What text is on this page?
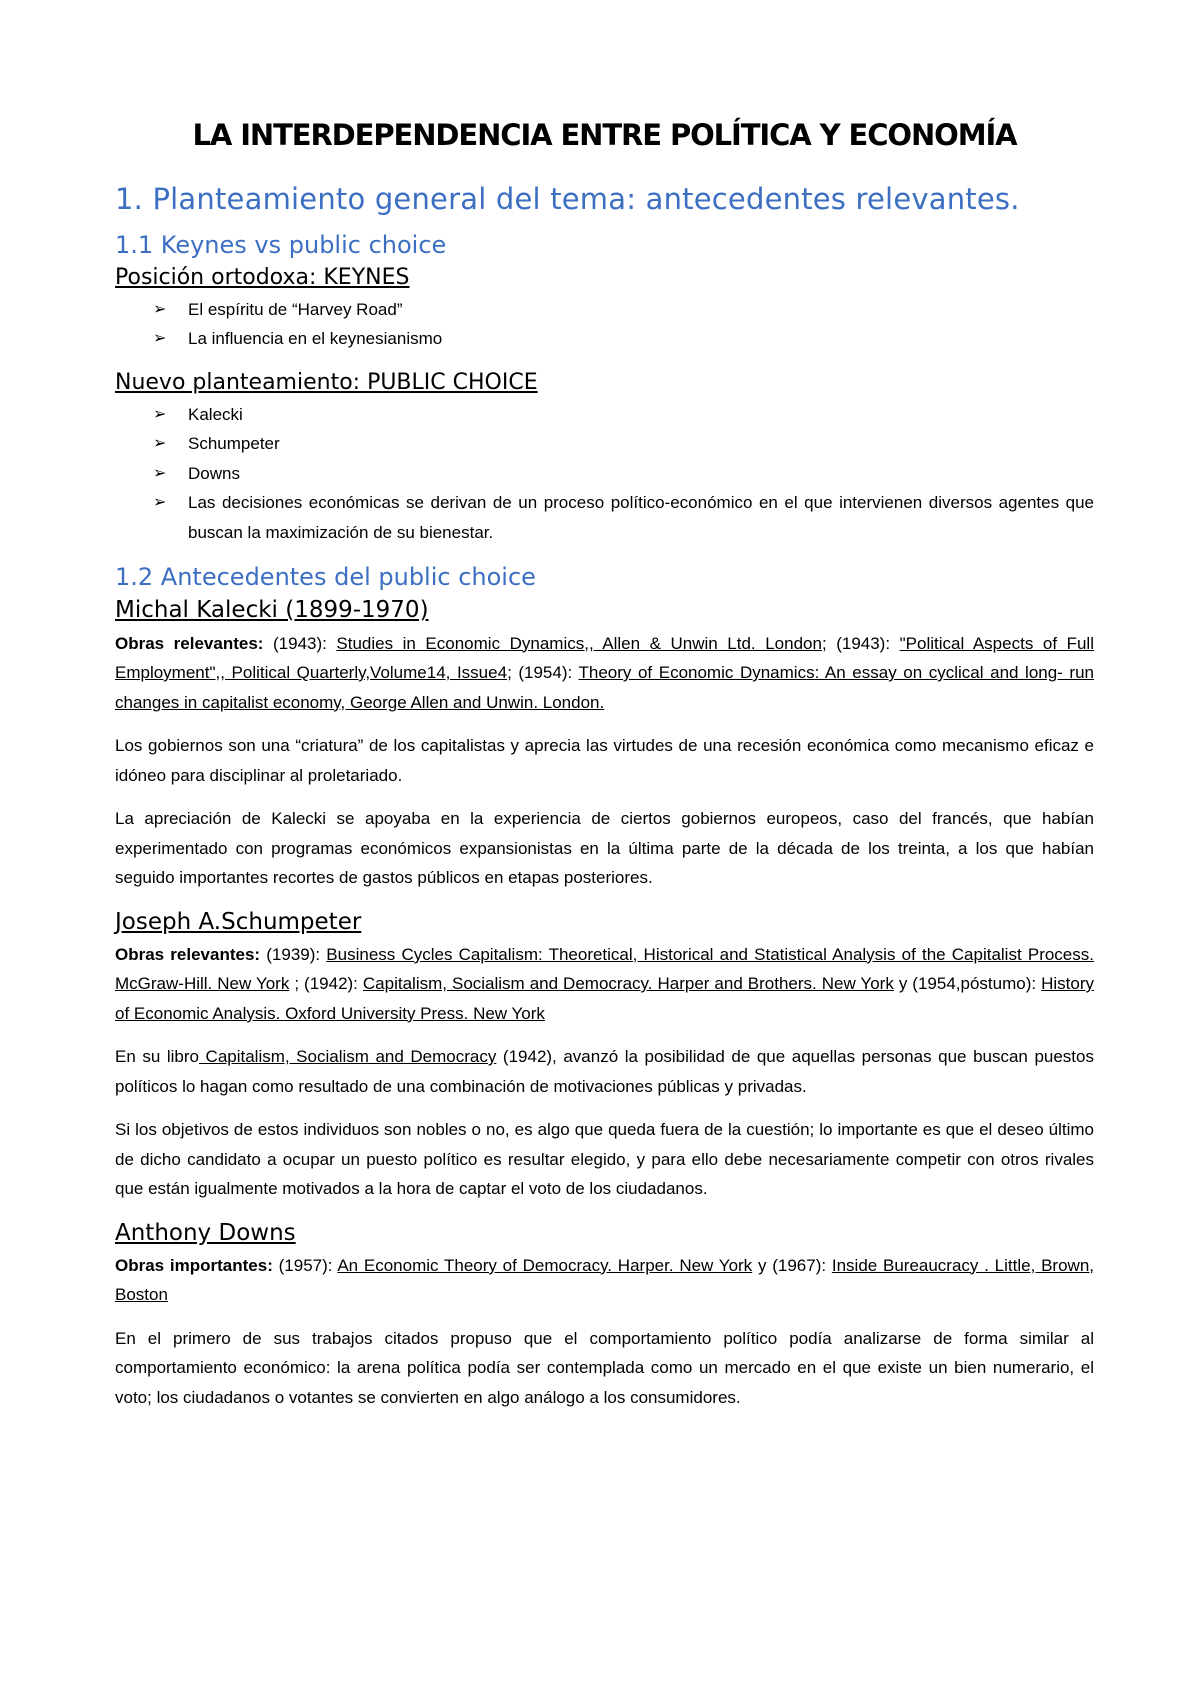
LA INTERDEPENDENCIA ENTRE POLÍTICA Y ECONOMÍA
1. Planteamiento general del tema: antecedentes relevantes.
1.1 Keynes vs public choice
Posición ortodoxa: KEYNES
➢ El espíritu de “Harvey Road”
➢ La influencia en el keynesianismo
Nuevo planteamiento: PUBLIC CHOICE
➢ Kalecki
➢ Schumpeter
➢ Downs
➢ Las decisiones económicas se derivan de un proceso político-económico en el que intervienen diversos agentes que buscan la maximización de su bienestar.
1.2 Antecedentes del public choice
Michal Kalecki (1899-1970)

Obras relevantes: (1943): Studies in Economic Dynamics,, Allen & Unwin Ltd. London; (1943): "Political Aspects of Full Employment",, Political Quarterly,Volume14, Issue4; (1954): Theory of Economic Dynamics: An essay on cyclical and long- run changes in capitalist economy, George Allen and Unwin. London.

Los gobiernos son una “criatura” de los capitalistas y aprecia las virtudes de una recesión económica como mecanismo eficaz e idóneo para disciplinar al proletariado.

La apreciación de Kalecki se apoyaba en la experiencia de ciertos gobiernos europeos, caso del francés, que habían experimentado con programas económicos expansionistas en la última parte de la década de los treinta, a los que habían seguido importantes recortes de gastos públicos en etapas posteriores.

Joseph A.Schumpeter

Obras relevantes: (1939): Business Cycles Capitalism: Theoretical, Historical and Statistical Analysis of the Capitalist Process. McGraw-Hill. New York ; (1942): Capitalism, Socialism and Democracy. Harper and Brothers. New York y (1954,póstumo): History of Economic Analysis. Oxford University Press. New York

En su libro Capitalism, Socialism and Democracy (1942), avanzó la posibilidad de que aquellas personas que buscan puestos políticos lo hagan como resultado de una combinación de motivaciones públicas y privadas.

Si los objetivos de estos individuos son nobles o no, es algo que queda fuera de la cuestión; lo importante es que el deseo último de dicho candidato a ocupar un puesto político es resultar elegido, y para ello debe necesariamente competir con otros rivales que están igualmente motivados a la hora de captar el voto de los ciudadanos.

Anthony Downs

Obras importantes: (1957): An Economic Theory of Democracy. Harper. New York y (1967): Inside Bureaucracy . Little, Brown, Boston

En el primero de sus trabajos citados propuso que el comportamiento político podía analizarse de forma similar al comportamiento económico: la arena política podía ser contemplada como un mercado en el que existe un bien numerario, el voto; los ciudadanos o votantes se convierten en algo análogo a los consumidores.
